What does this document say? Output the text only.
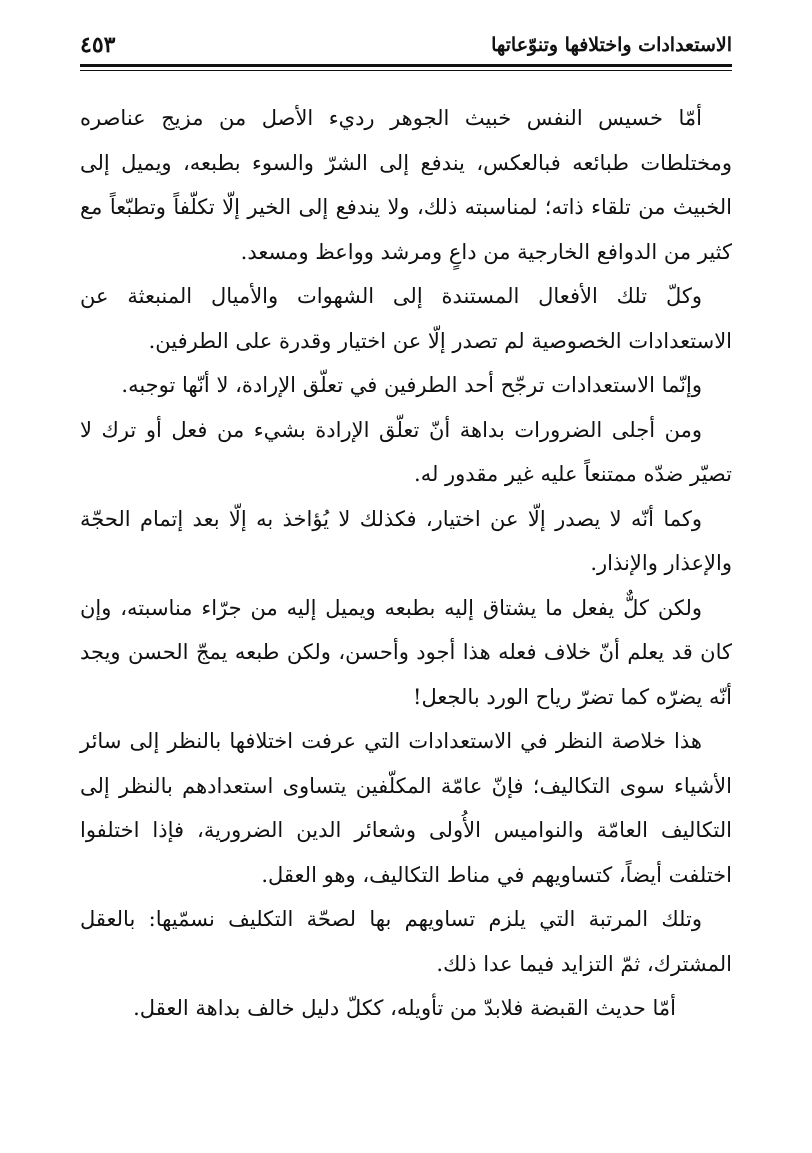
الاستعدادات واختلافها وتنوّعاتها
٤٥٣

أمّا خسيس النفس خبيث الجوهر رديء الأصل من مزيج عناصره ومختلطات طبائعه فبالعكس، يندفع إلى الشرّ والسوء بطبعه، ويميل إلى الخبيث من تلقاء ذاته؛ لمناسبته ذلك، ولا يندفع إلى الخير إلّا تكلّفاً وتطبّعاً مع كثير من الدوافع الخارجية من داعٍ ومرشد وواعظ ومسعد.

وكلّ تلك الأفعال المستندة إلى الشهوات والأميال المنبعثة عن الاستعدادات الخصوصية لم تصدر إلّا عن اختيار وقدرة على الطرفين.

وإنّما الاستعدادات ترجّح أحد الطرفين في تعلّق الإرادة، لا أنّها توجبه.

ومن أجلى الضرورات بداهة أنّ تعلّق الإرادة بشيء من فعل أو ترك لا تصيّر ضدّه ممتنعاً عليه غير مقدور له.

وكما أنّه لا يصدر إلّا عن اختيار، فكذلك لا يُؤاخذ به إلّا بعد إتمام الحجّة والإعذار والإنذار.

ولكن كلٌّ يفعل ما يشتاق إليه بطبعه ويميل إليه من جرّاء مناسبته، وإن كان قد يعلم أنّ خلاف فعله هذا أجود وأحسن، ولكن طبعه يمجّ الحسن ويجد أنّه يضرّه كما تضرّ رياح الورد بالجعل!

هذا خلاصة النظر في الاستعدادات التي عرفت اختلافها بالنظر إلى سائر الأشياء سوى التكاليف؛ فإنّ عامّة المكلّفين يتساوى استعدادهم بالنظر إلى التكاليف العامّة والنواميس الأُولى وشعائر الدين الضرورية، فإذا اختلفوا اختلفت أيضاً، كتساويهم في مناط التكاليف، وهو العقل.

وتلك المرتبة التي يلزم تساويهم بها لصحّة التكليف نسمّيها: بالعقل المشترك، ثمّ التزايد فيما عدا ذلك.

أمّا حديث القبضة فلابدّ من تأويله، ككلّ دليل خالف بداهة العقل.
